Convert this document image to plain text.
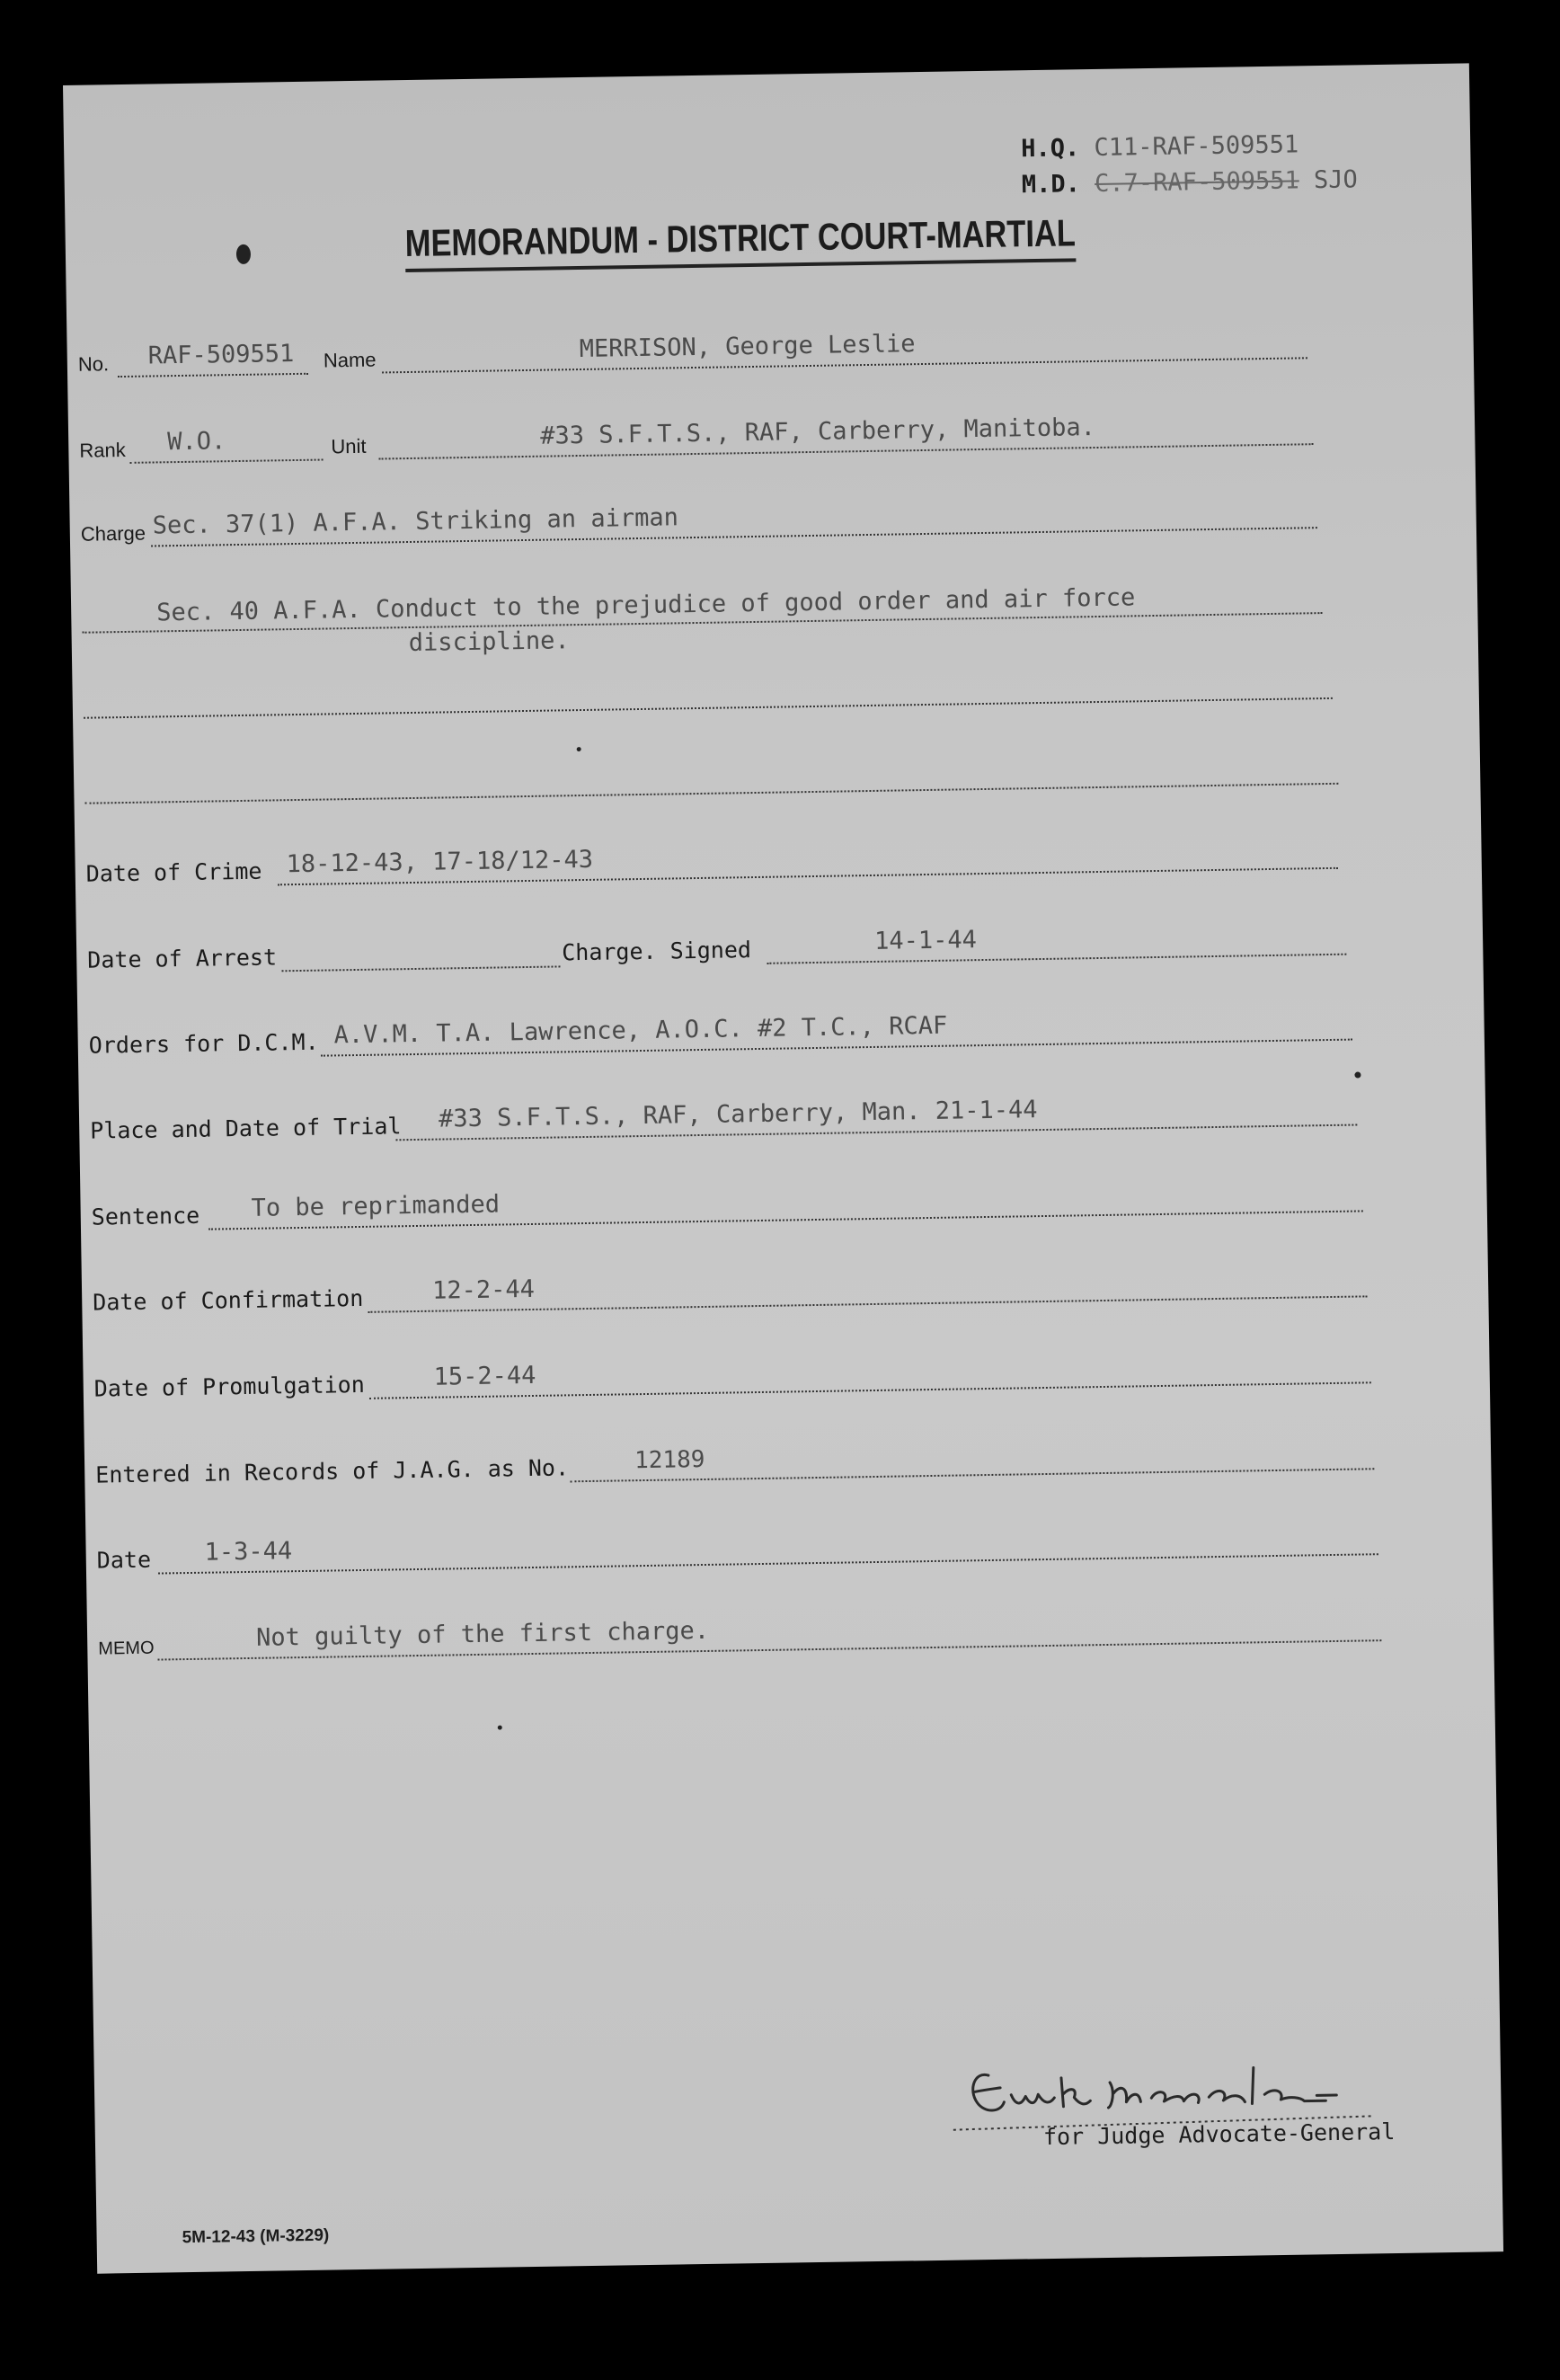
H.Q. C11-RAF-509551
M.D. C.7-RAF-509551 SJO
MEMORANDUM - DISTRICT COURT-MARTIAL
No. RAF-509551 Name	MERRISON, George Leslie
Rank W.O.	Unit	#33 S.F.T.S., RAF, Carberry, Manitoba.
Charge Sec. 37(1) A.F.A. Striking an airman
Sec. 40 A.F.A. Conduct to the prejudice of good order and air force
discipline.
Date of Crime 18-12-43, 17-18/12-43
Date of Arrest	Charge. Signed	14-1-44
Orders for D.C.M. A.V.M. T.A. Lawrence, A.O.C. #2 T.C., RCAF
Place and Date of Trial #33 S.F.T.S., RAF, Carberry, Man. 21-1-44
Sentence To be reprimanded
Date of Confirmation	12-2-44
Date of Promulgation	15-2-44
Entered in Records of J.A.G. as No.	12189
Date 1-3-44
MEMO	Not guilty of the first charge.
for Judge Advocate-General
5M-12-43 (M-3229)
